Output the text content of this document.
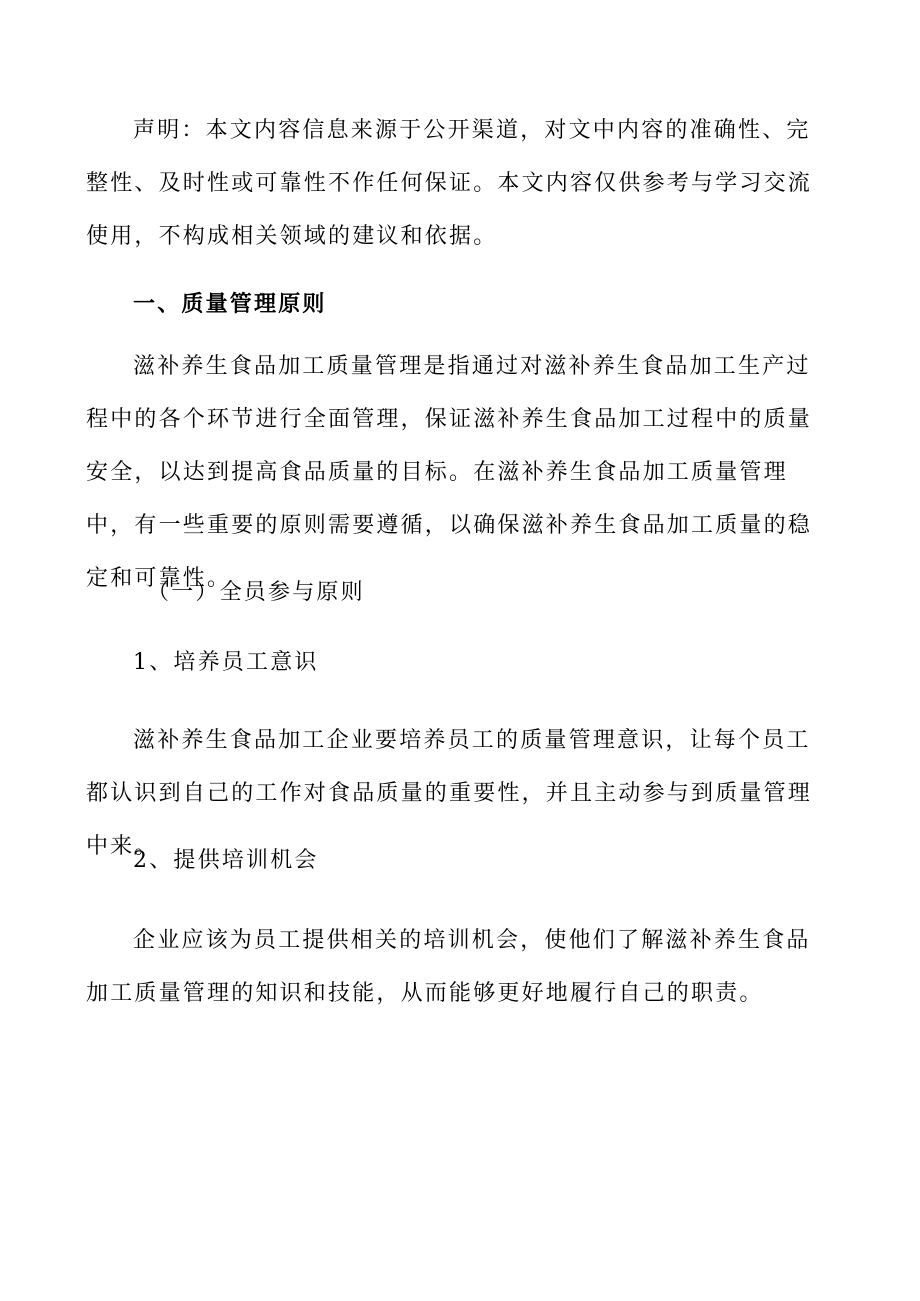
声明：本文内容信息来源于公开渠道，对文中内容的准确性、完整性、及时性或可靠性不作任何保证。本文内容仅供参考与学习交流使用，不构成相关领域的建议和依据。

一、质量管理原则

滋补养生食品加工质量管理是指通过对滋补养生食品加工生产过程中的各个环节进行全面管理，保证滋补养生食品加工过程中的质量安全，以达到提高食品质量的目标。在滋补养生食品加工质量管理中，有一些重要的原则需要遵循，以确保滋补养生食品加工质量的稳定和可靠性。

（一）全员参与原则

1、培养员工意识

滋补养生食品加工企业要培养员工的质量管理意识，让每个员工都认识到自己的工作对食品质量的重要性，并且主动参与到质量管理中来。

2、提供培训机会

企业应该为员工提供相关的培训机会，使他们了解滋补养生食品加工质量管理的知识和技能，从而能够更好地履行自己的职责。
